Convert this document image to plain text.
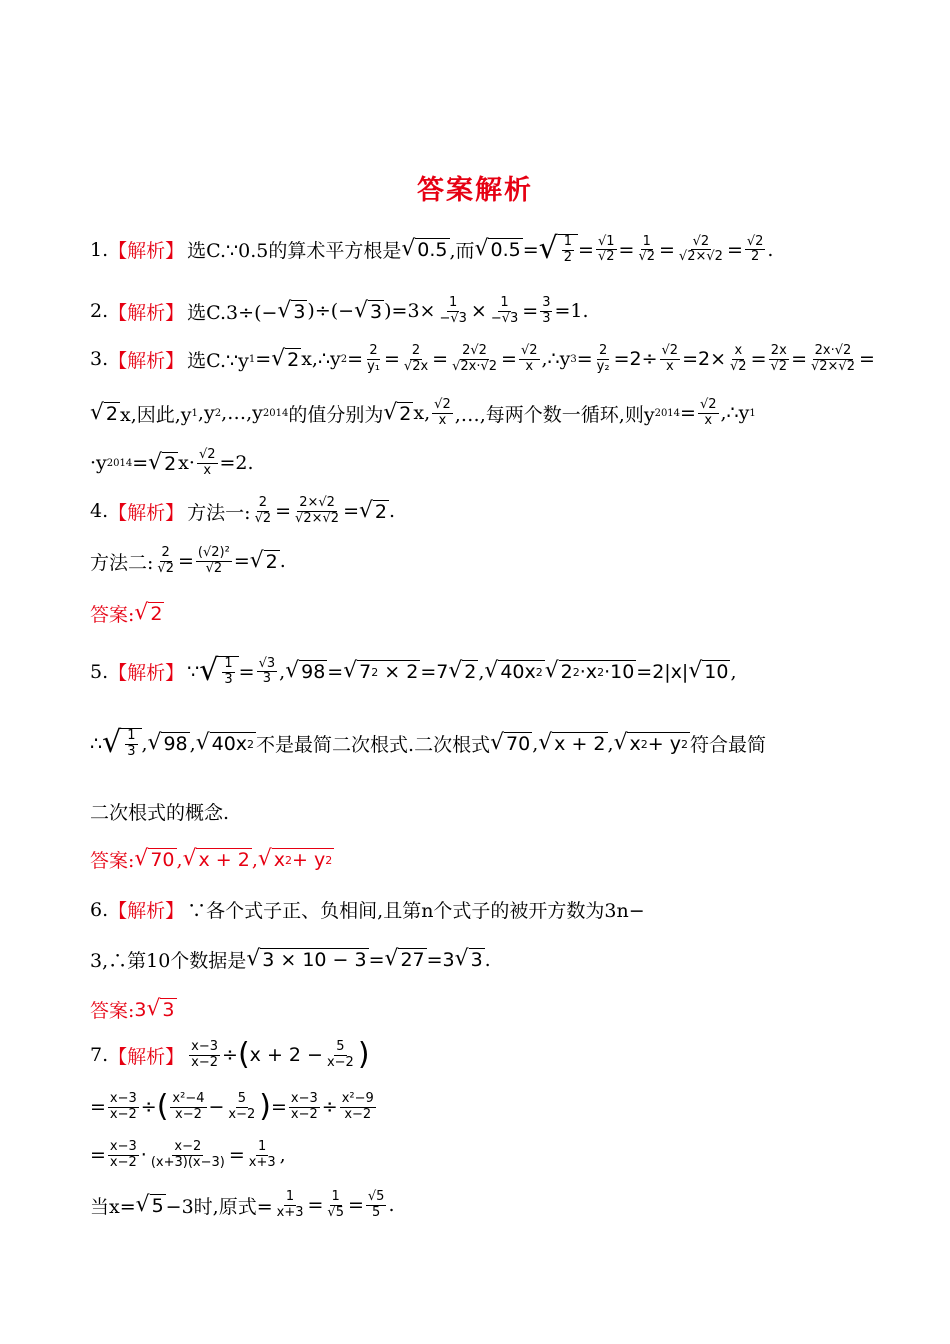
答案解析
1. 【解析】 选C.∵0.5的算术平方根是 √ 0.5 ,而 √ 0.5 = √ $\frac{1}{2} = \frac{√1}{√2} = \frac{1}{√2} = \frac{√2}{√2\times√2} = \frac{√2}{2}$ .
2. 【解析】 选C.3÷(− √ 3 )÷(− √ 3 )$=3\times \frac{1}{-√3} \times \frac{1}{-√3} = \frac{3}{3} =1$.
3. 【解析】 选C.∵y 1 = √ 2 x,∴y $2 = \frac{2}{\text{y₁}} = \frac{2}{√2x} = \frac{2√2}{√2x\cdot√2} = \frac{√2}{x}$ ,∴y $3 = \frac{2}{\text{y₂}} =2\div \frac{√2}{x} =2\times \frac{x}{√2} = \frac{2x}{√2} = \frac{2x\cdot√2}{√2\times√2}$ =
√ 2 x,因此,y 1 ,y 2 ,…,y 2014 的值分别为 √ 2 x, $\frac{√2}{x}$ ,…,每两个数一循环,则y $2014 = \frac{√2}{x}$ ,∴y 1
·y 2014 = √ 2 $x\cdot \frac{√2}{x} =2$.
4. 【解析】 方法一: $\frac{2}{√2} = \frac{2\times√2}{√2\times√2}$ = √ 2 .
方法二: $\frac{2}{√2} = \frac{\text{(√2)²}}{√2}$ = √ 2 .
答案: √ 2
5. 【解析】 ∵ √ $\frac{1}{3} = \frac{√3}{3}$ , √ 98 = √ 7 2 × 2 =7 √ 2 , √ 40x 2 √ 2 2 ·x 2 ·10 =2|x| √ 10 ,
∴ √ $\frac{1}{3}$ , √ 98 , √ 40x 2 不是最简二次根式.二次根式 √ 70 , √ x + 2 , √ x 2 + y 2 符合最简
二次根式的概念.
答案: √ 70 , √ x + 2 , √ x 2 + y 2
6. 【解析】 ∵各个式子正、负相间,且第n个式子的被开方数为3n−
3,∴第10个数据是 √ 3 × 10 − 3 = √ 27 =3 √ 3 .
答案: 3 √ 3
7. 【解析】 $\frac{x-3}{x-2}$ ÷ ( $x + 2 - \frac{5}{x-2}$ )
= $\frac{x-3}{x-2}$ ÷ ( $\frac{\text{x²−4}}{x-2} - \frac{5}{x-2}$ ) = $\frac{x-3}{x-2} \div \frac{\text{x²−9}}{x-2}$
= $\frac{x-3}{x-2} \cdot \frac{x-2}{(x+3)(x-3)} = \frac{1}{x+3}$ ,
当x= √ 5 −3时,原式= $\frac{1}{x+3} = \frac{1}{√5} = \frac{√5}{5}$ .
